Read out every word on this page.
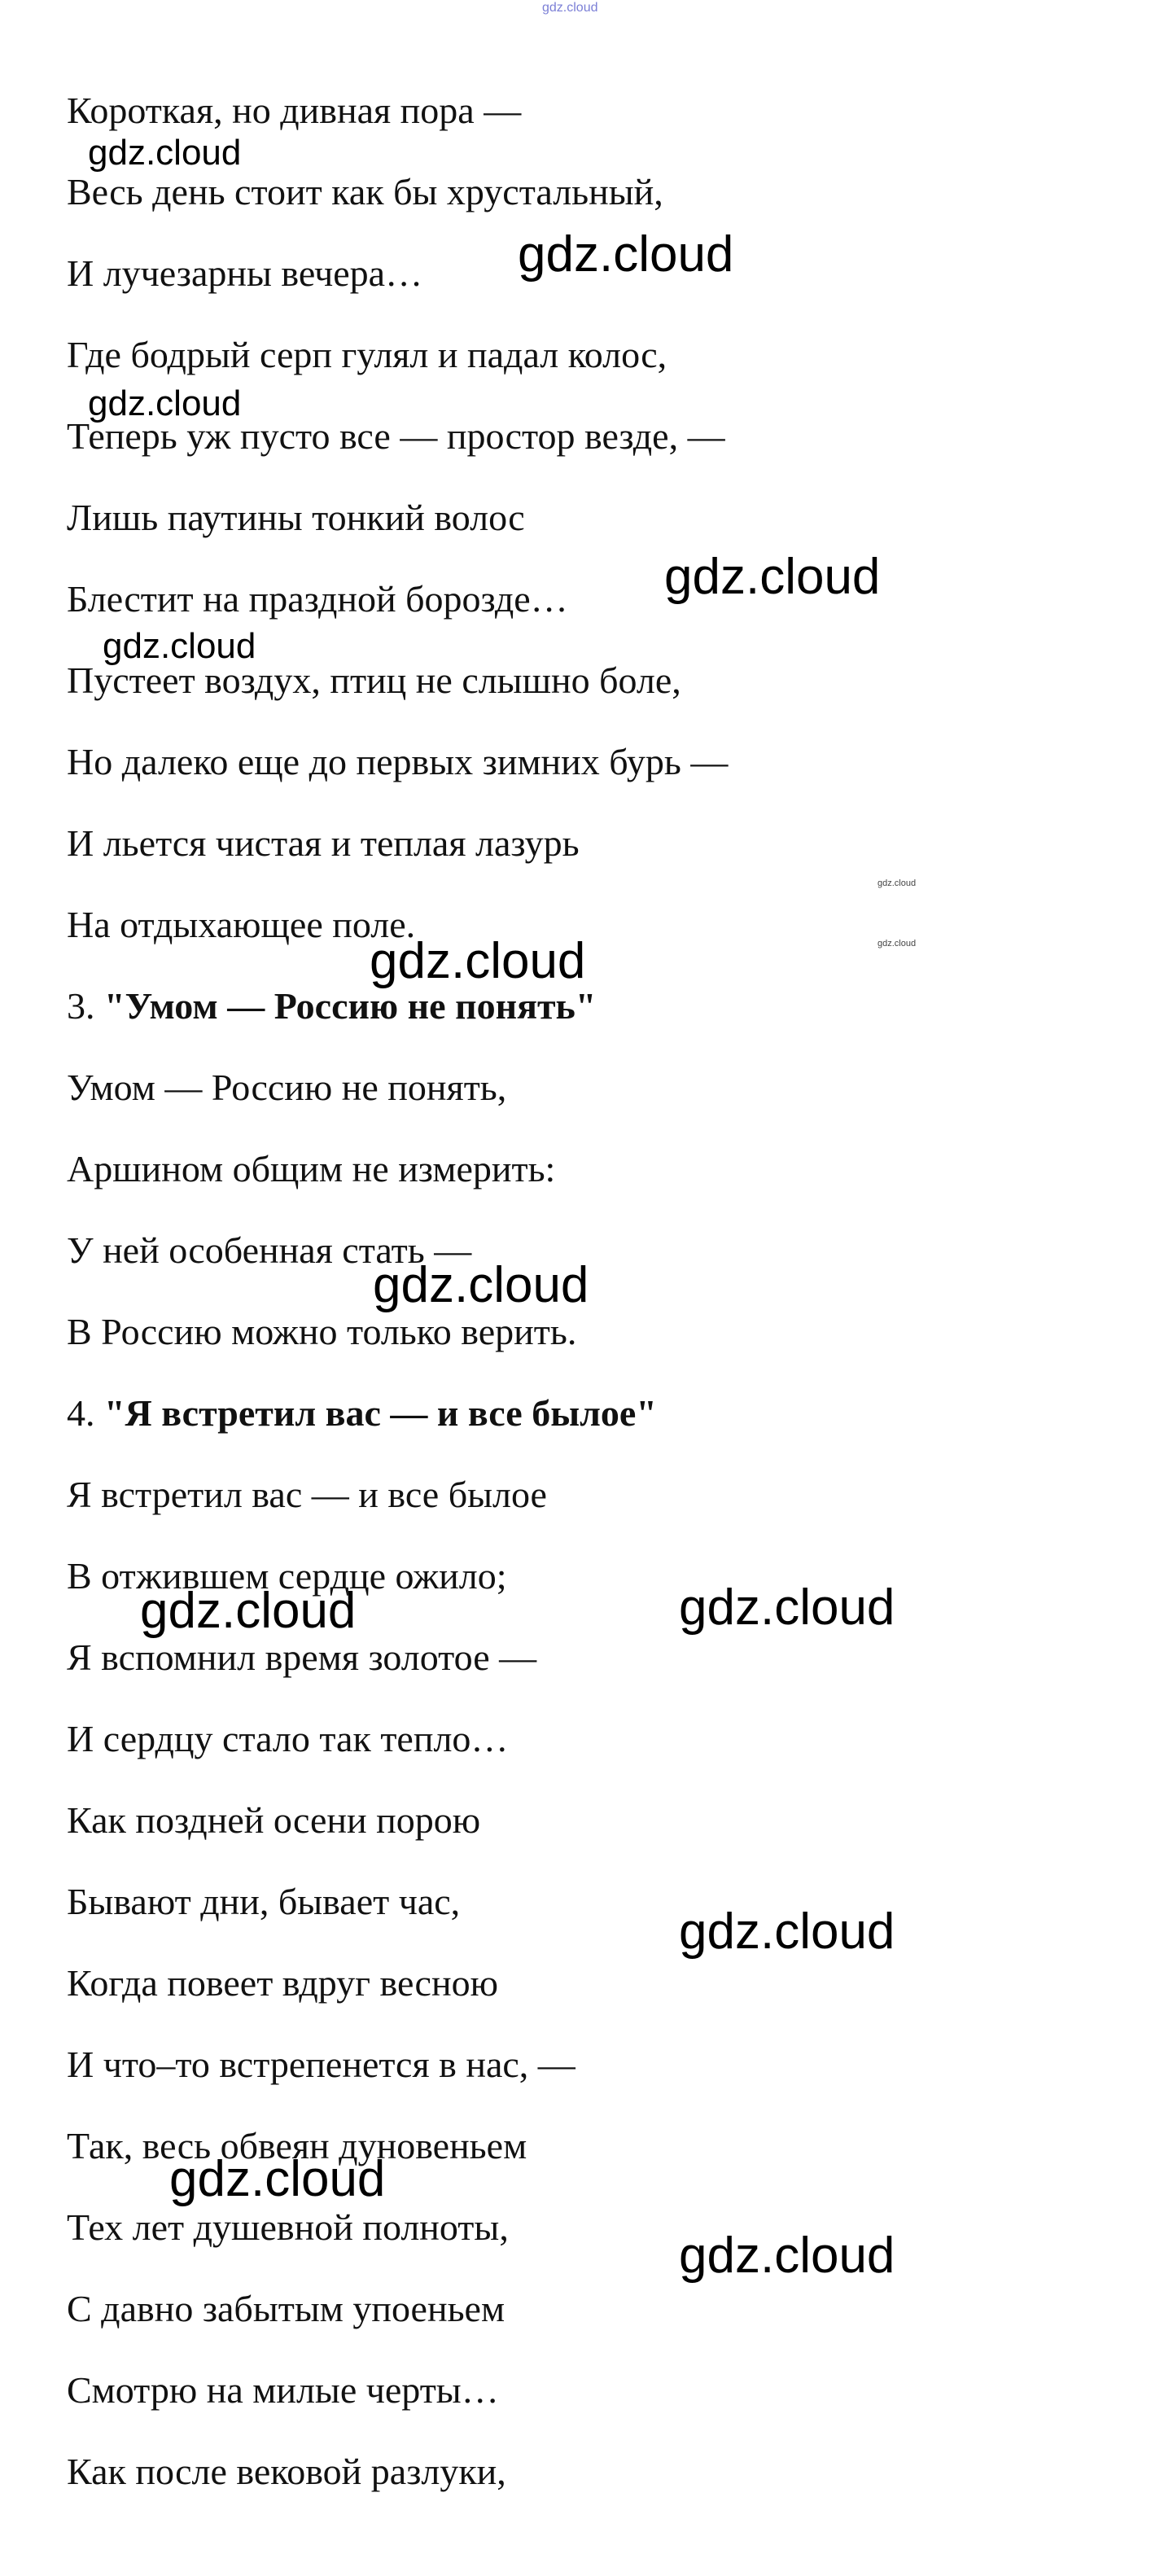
Короткая, но дивная пора —
Весь день стоит как бы хрустальный,
И лучезарны вечера…
Где бодрый серп гулял и падал колос,
Теперь уж пусто все — простор везде, —
Лишь паутины тонкий волос
Блестит на праздной борозде…
Пустеет воздух, птиц не слышно боле,
Но далеко еще до первых зимних бурь —
И льется чистая и теплая лазурь
На отдыхающее поле.
3. "Умом — Россию не понять"
Умом — Россию не понять,
Аршином общим не измерить:
У ней особенная стать —
В Россию можно только верить.
4. "Я встретил вас — и все былое"
Я встретил вас — и все былое
В отжившем сердце ожило;
Я вспомнил время золотое —
И сердцу стало так тепло…
Как поздней осени порою
Бывают дни, бывает час,
Когда повеет вдруг весною
И что–то встрепенется в нас, —
Так, весь обвеян дуновеньем
Тех лет душевной полноты,
С давно забытым упоеньем
Смотрю на милые черты…
Как после вековой разлуки,
gdz.cloud
gdz.cloud
gdz.cloud
gdz.cloud
gdz.cloud
gdz.cloud
gdz.cloud
gdz.cloud
gdz.cloud
gdz.cloud
gdz.cloud	gdz.cloud
gdz.cloud
gdz.cloud
gdz.cloud
